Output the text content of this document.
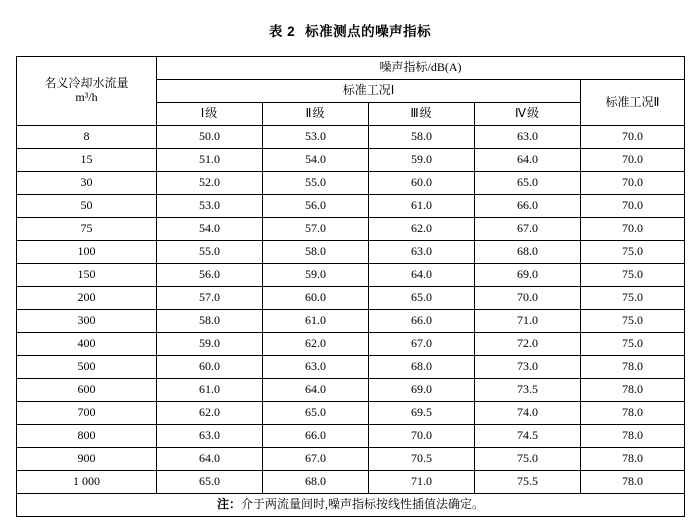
表 2 标准测点的噪声指标
名义冷却水流量
m³/h	噪声指标/dB(A)				
	标准工况Ⅰ				标准工况Ⅱ
	Ⅰ级	Ⅱ级	Ⅲ级	Ⅳ级	
8	50.0	53.0	58.0	63.0	70.0
15	51.0	54.0	59.0	64.0	70.0
30	52.0	55.0	60.0	65.0	70.0
50	53.0	56.0	61.0	66.0	70.0
75	54.0	57.0	62.0	67.0	70.0
100	55.0	58.0	63.0	68.0	75.0
150	56.0	59.0	64.0	69.0	75.0
200	57.0	60.0	65.0	70.0	75.0
300	58.0	61.0	66.0	71.0	75.0
400	59.0	62.0	67.0	72.0	75.0
500	60.0	63.0	68.0	73.0	78.0
600	61.0	64.0	69.0	73.5	78.0
700	62.0	65.0	69.5	74.0	78.0
800	63.0	66.0	70.0	74.5	78.0
900	64.0	67.0	70.5	75.0	78.0
1 000	65.0	68.0	71.0	75.5	78.0
注：介于两流量间时,噪声指标按线性插值法确定。					
